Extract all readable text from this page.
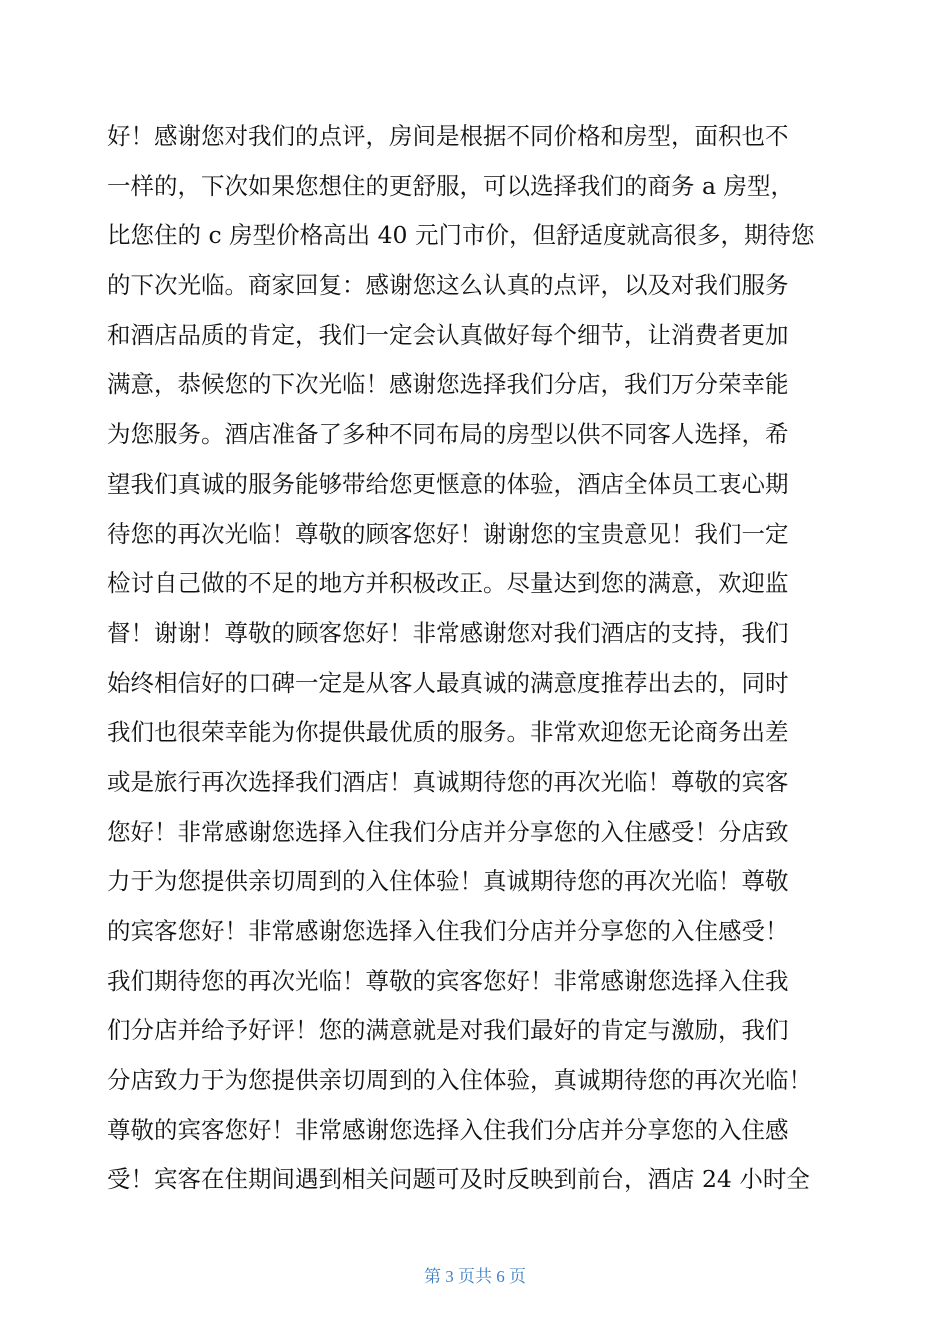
好！感谢您对我们的点评，房间是根据不同价格和房型，面积也不
一样的，下次如果您想住的更舒服，可以选择我们的商务 a 房型，
比您住的 c 房型价格高出 40 元门市价，但舒适度就高很多，期待您
的下次光临。商家回复：感谢您这么认真的点评，以及对我们服务
和酒店品质的肯定，我们一定会认真做好每个细节，让消费者更加
满意，恭候您的下次光临！感谢您选择我们分店，我们万分荣幸能
为您服务。酒店准备了多种不同布局的房型以供不同客人选择，希
望我们真诚的服务能够带给您更惬意的体验，酒店全体员工衷心期
待您的再次光临！尊敬的顾客您好！谢谢您的宝贵意见！我们一定
检讨自己做的不足的地方并积极改正。尽量达到您的满意，欢迎监
督！谢谢！尊敬的顾客您好！非常感谢您对我们酒店的支持，我们
始终相信好的口碑一定是从客人最真诚的满意度推荐出去的，同时
我们也很荣幸能为你提供最优质的服务。非常欢迎您无论商务出差
或是旅行再次选择我们酒店！真诚期待您的再次光临！尊敬的宾客
您好！非常感谢您选择入住我们分店并分享您的入住感受！分店致
力于为您提供亲切周到的入住体验！真诚期待您的再次光临！尊敬
的宾客您好！非常感谢您选择入住我们分店并分享您的入住感受！
我们期待您的再次光临！尊敬的宾客您好！非常感谢您选择入住我
们分店并给予好评！您的满意就是对我们最好的肯定与激励，我们
分店致力于为您提供亲切周到的入住体验，真诚期待您的再次光临！
尊敬的宾客您好！非常感谢您选择入住我们分店并分享您的入住感
受！宾客在住期间遇到相关问题可及时反映到前台，酒店 24 小时全
第 3 页共 6 页
